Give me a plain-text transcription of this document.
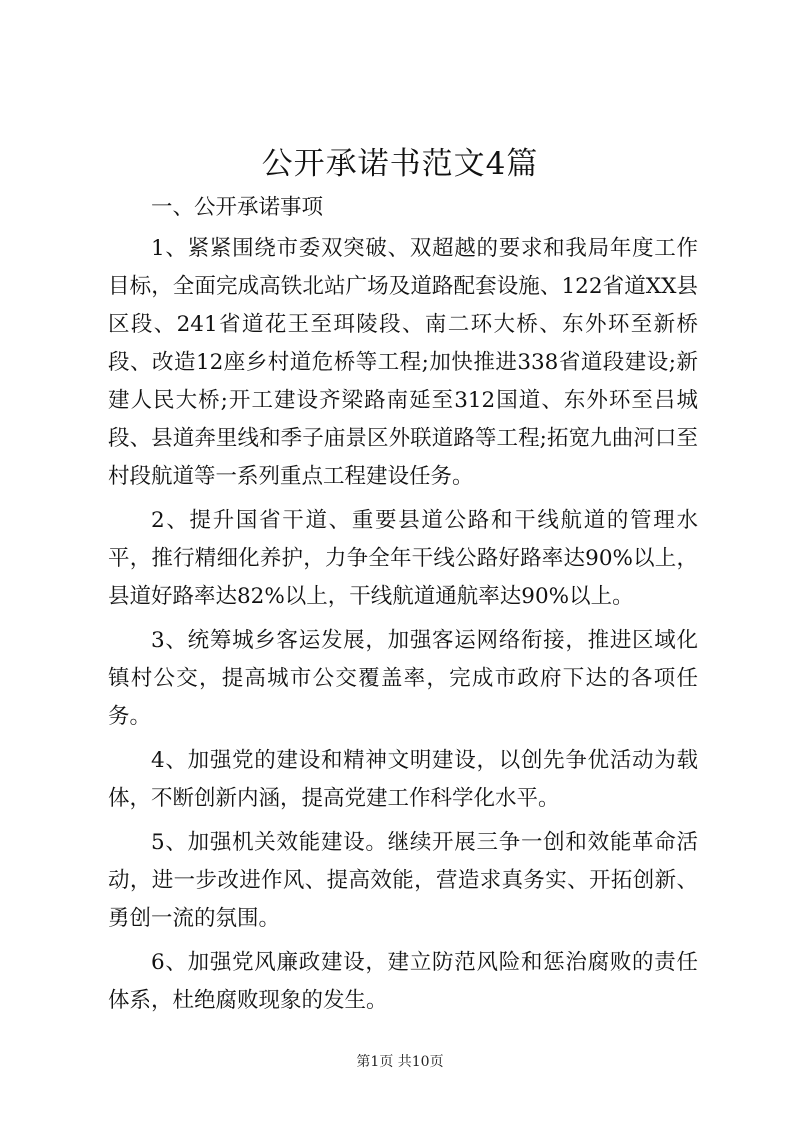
公开承诺书范文4篇

一、公开承诺事项

1、紧紧围绕市委双突破、双超越的要求和我局年度工作目标，全面完成高铁北站广场及道路配套设施、122省道XX县区段、241省道花王至珥陵段、南二环大桥、东外环至新桥段、改造12座乡村道危桥等工程;加快推进338省道段建设;新建人民大桥;开工建设齐梁路南延至312国道、东外环至吕城段、县道奔里线和季子庙景区外联道路等工程;拓宽九曲河口至村段航道等一系列重点工程建设任务。

2、提升国省干道、重要县道公路和干线航道的管理水平，推行精细化养护，力争全年干线公路好路率达90%以上，县道好路率达82%以上，干线航道通航率达90%以上。

3、统筹城乡客运发展，加强客运网络衔接，推进区域化镇村公交，提高城市公交覆盖率，完成市政府下达的各项任务。

4、加强党的建设和精神文明建设，以创先争优活动为载体，不断创新内涵，提高党建工作科学化水平。

5、加强机关效能建设。继续开展三争一创和效能革命活动，进一步改进作风、提高效能，营造求真务实、开拓创新、勇创一流的氛围。

6、加强党风廉政建设，建立防范风险和惩治腐败的责任体系，杜绝腐败现象的发生。

第1页 共10页
